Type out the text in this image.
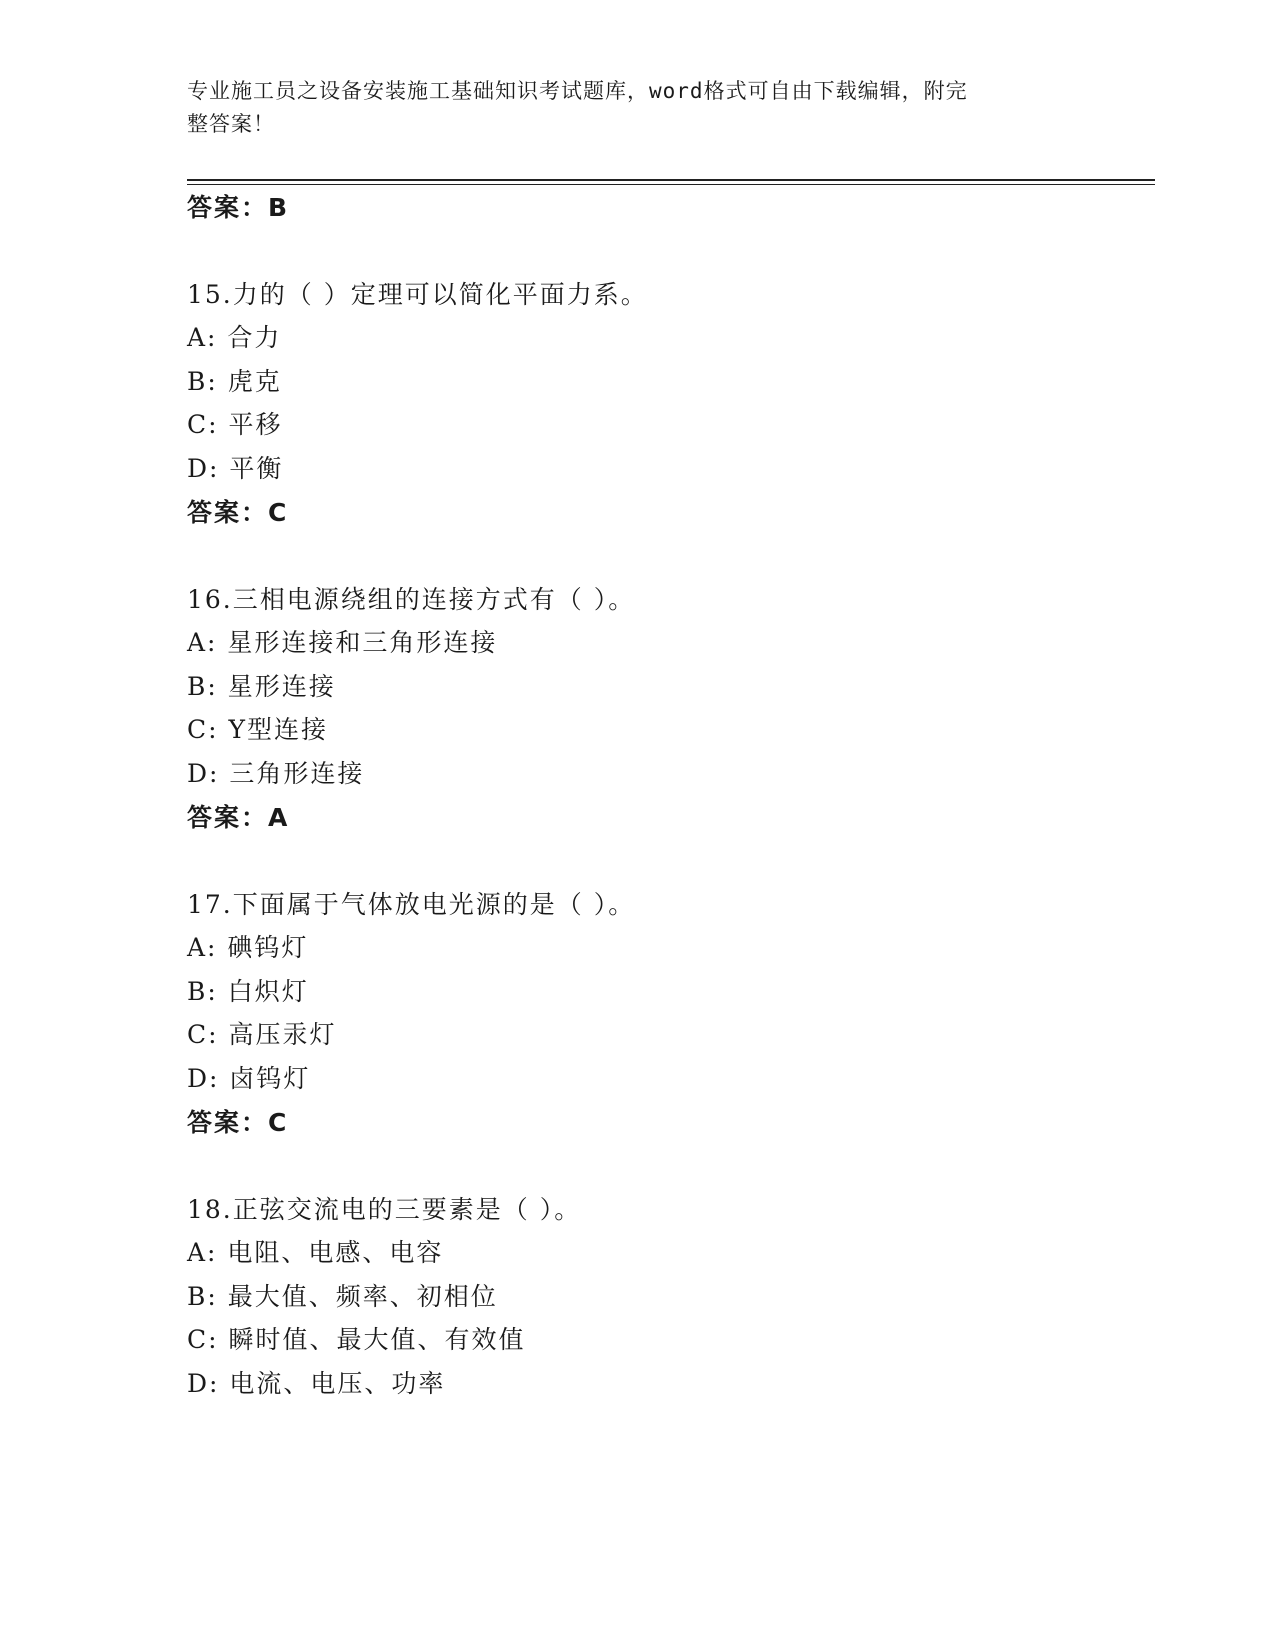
专业施工员之设备安装施工基础知识考试题库，word格式可自由下载编辑，附完
整答案！
答案：B
15.力的（ ）定理可以简化平面力系。
A: 合力
B: 虎克
C: 平移
D: 平衡
答案：C
16.三相电源绕组的连接方式有（ ）。
A: 星形连接和三角形连接
B: 星形连接
C: Y型连接
D: 三角形连接
答案：A
17.下面属于气体放电光源的是（ ）。
A: 碘钨灯
B: 白炽灯
C: 高压汞灯
D: 卤钨灯
答案：C
18.正弦交流电的三要素是（ ）。
A: 电阻、电感、电容
B: 最大值、频率、初相位
C: 瞬时值、最大值、有效值
D: 电流、电压、功率
